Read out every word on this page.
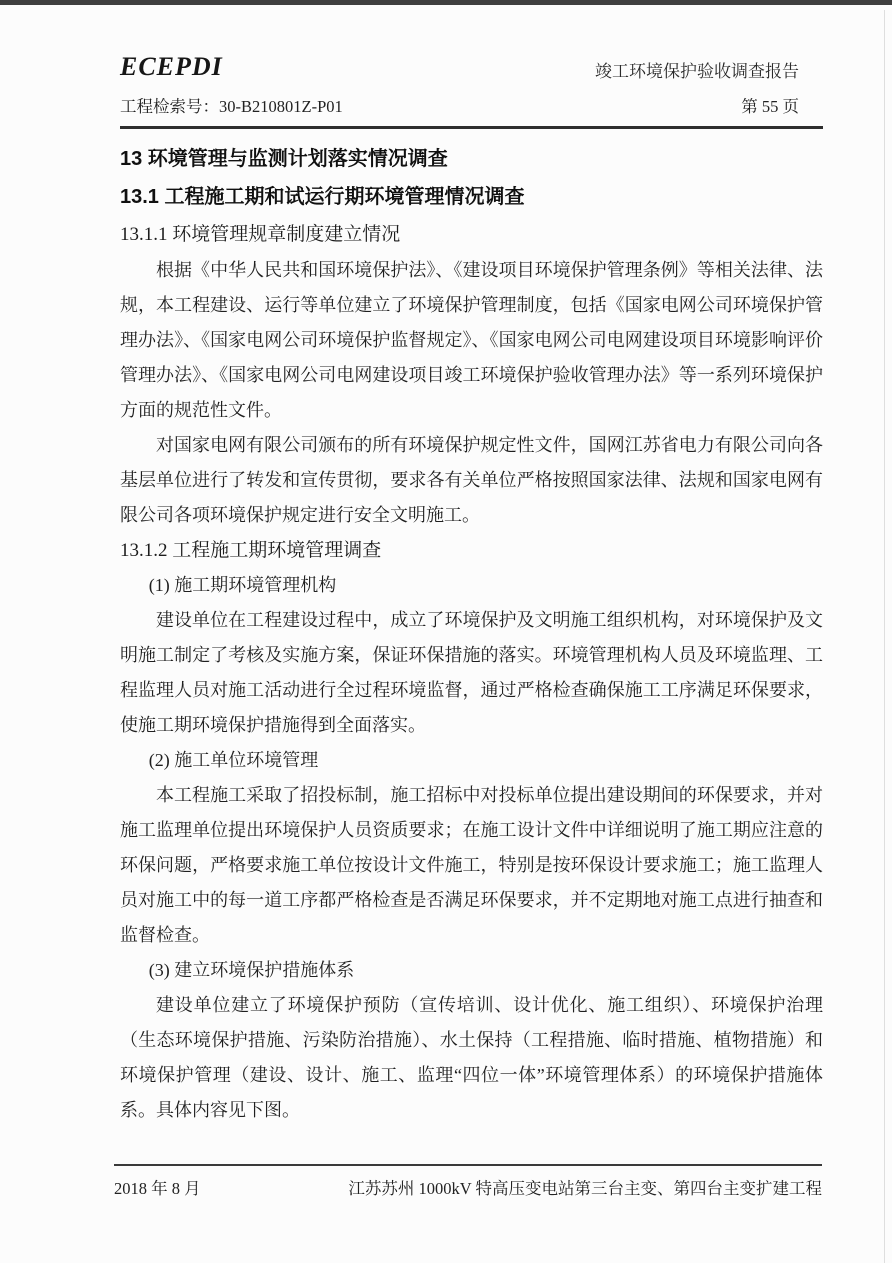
ECEPDI	竣工环境保护验收调查报告
工程检索号：30-B210801Z-P01	第 55 页
13 环境管理与监测计划落实情况调查
13.1 工程施工期和试运行期环境管理情况调查
13.1.1 环境管理规章制度建立情况

根据《中华人民共和国环境保护法》、《建设项目环境保护管理条例》等相关法律、法规，本工程建设、运行等单位建立了环境保护管理制度，包括《国家电网公司环境保护管理办法》、《国家电网公司环境保护监督规定》、《国家电网公司电网建设项目环境影响评价管理办法》、《国家电网公司电网建设项目竣工环境保护验收管理办法》等一系列环境保护方面的规范性文件。

对国家电网有限公司颁布的所有环境保护规定性文件，国网江苏省电力有限公司向各基层单位进行了转发和宣传贯彻，要求各有关单位严格按照国家法律、法规和国家电网有限公司各项环境保护规定进行安全文明施工。

13.1.2 工程施工期环境管理调查

(1) 施工期环境管理机构

建设单位在工程建设过程中，成立了环境保护及文明施工组织机构，对环境保护及文明施工制定了考核及实施方案，保证环保措施的落实。环境管理机构人员及环境监理、工程监理人员对施工活动进行全过程环境监督，通过严格检查确保施工工序满足环保要求，使施工期环境保护措施得到全面落实。

(2) 施工单位环境管理

本工程施工采取了招投标制，施工招标中对投标单位提出建设期间的环保要求，并对施工监理单位提出环境保护人员资质要求；在施工设计文件中详细说明了施工期应注意的环保问题，严格要求施工单位按设计文件施工，特别是按环保设计要求施工；施工监理人员对施工中的每一道工序都严格检查是否满足环保要求，并不定期地对施工点进行抽查和监督检查。

(3) 建立环境保护措施体系

建设单位建立了环境保护预防（宣传培训、设计优化、施工组织）、环境保护治理（生态环境保护措施、污染防治措施）、水土保持（工程措施、临时措施、植物措施）和环境保护管理（建设、设计、施工、监理“四位一体”环境管理体系）的环境保护措施体系。具体内容见下图。

2018 年 8 月	江苏苏州 1000kV 特高压变电站第三台主变、第四台主变扩建工程
